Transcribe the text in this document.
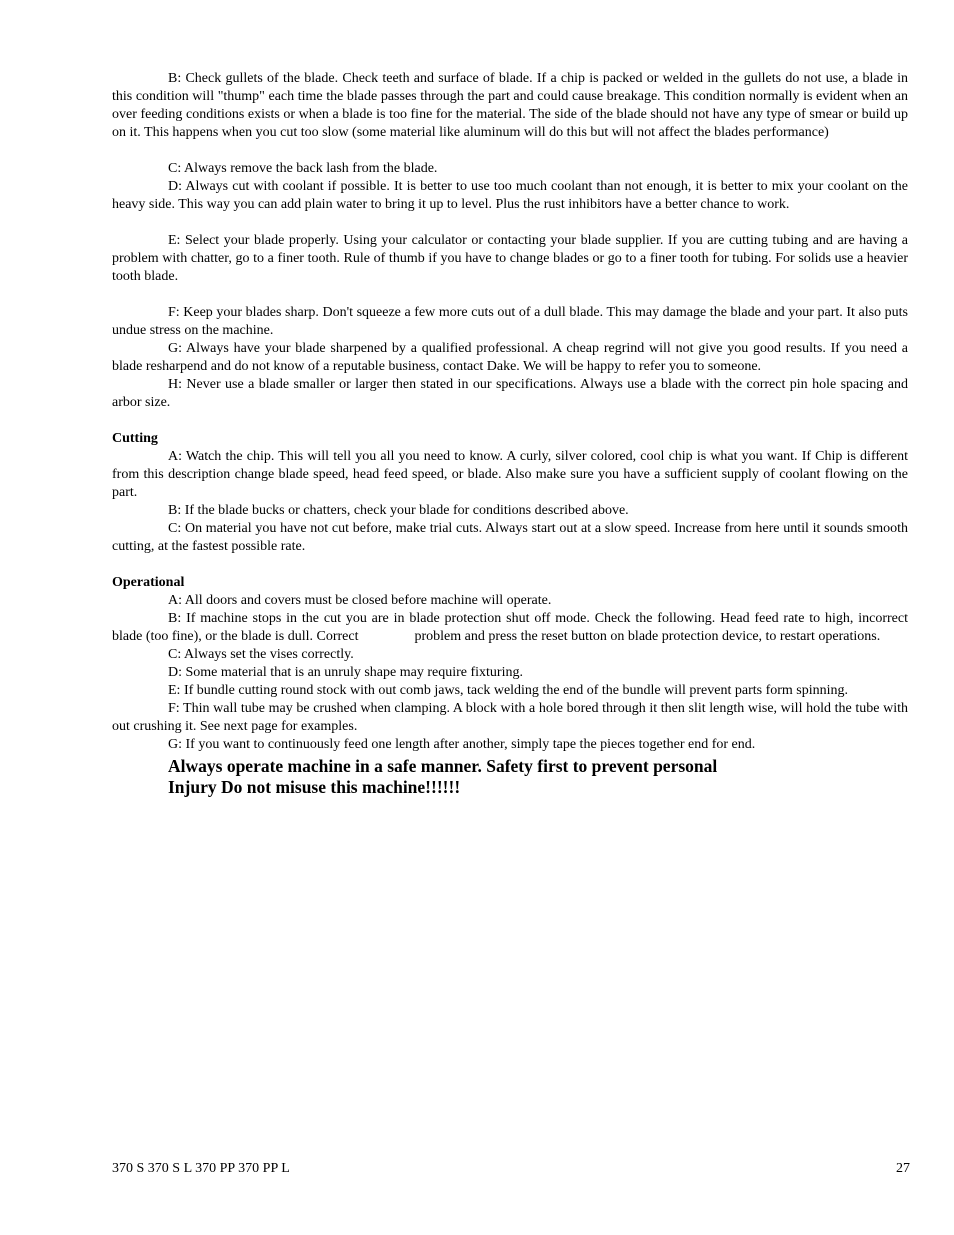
B: Check gullets of the blade. Check teeth and surface of blade. If a chip is packed or welded in the gullets do not use, a blade in this condition will "thump" each time the blade passes through the part and could cause breakage. This condition normally is evident when an over feeding conditions exists or when a blade is too fine for the material. The side of the blade should not have any type of smear or build up on it. This happens when you cut too slow (some material like aluminum will do this but will not affect the blades performance)

C: Always remove the back lash from the blade.

D: Always cut with coolant if possible. It is better to use too much coolant than not enough, it is better to mix your coolant on the heavy side. This way you can add plain water to bring it up to level. Plus the rust inhibitors have a better chance to work.

E: Select your blade properly. Using your calculator or contacting your blade supplier. If you are cutting tubing and are having a problem with chatter, go to a finer tooth. Rule of thumb if you have to change blades or go to a finer tooth for tubing. For solids use a heavier tooth blade.

F: Keep your blades sharp. Don't squeeze a few more cuts out of a dull blade. This may damage the blade and your part. It also puts undue stress on the machine.

G: Always have your blade sharpened by a qualified professional. A cheap regrind will not give you good results. If you need a blade resharpend and do not know of a reputable business, contact Dake. We will be happy to refer you to someone.

H: Never use a blade smaller or larger then stated in our specifications. Always use a blade with the correct pin hole spacing and arbor size.

Cutting

A: Watch the chip. This will tell you all you need to know. A curly, silver colored, cool chip is what you want. If Chip is different from this description change blade speed, head feed speed, or blade. Also make sure you have a sufficient supply of coolant flowing on the part.

B: If the blade bucks or chatters, check your blade for conditions described above.

C: On material you have not cut before, make trial cuts. Always start out at a slow speed. Increase from here until it sounds smooth cutting, at the fastest possible rate.

Operational

A: All doors and covers must be closed before machine will operate.

B: If machine stops in the cut you are in blade protection shut off mode. Check the following. Head feed rate to high, incorrect blade (too fine), or the blade is dull. Correct	problem and press the reset button on blade protection device, to restart operations.

C: Always set the vises correctly.

D: Some material that is an unruly shape may require fixturing.

E: If bundle cutting round stock with out comb jaws, tack welding the end of the bundle will prevent parts form spinning.

F: Thin wall tube may be crushed when clamping. A block with a hole bored through it then slit length wise, will hold the tube with out crushing it. See next page for examples.

G: If you want to continuously feed one length after another, simply tape the pieces together end for end.

Always operate machine in a safe manner. Safety first to prevent personal
Injury Do not misuse this machine!!!!!!
370 S 370 S L 370 PP 370 PP L	27
